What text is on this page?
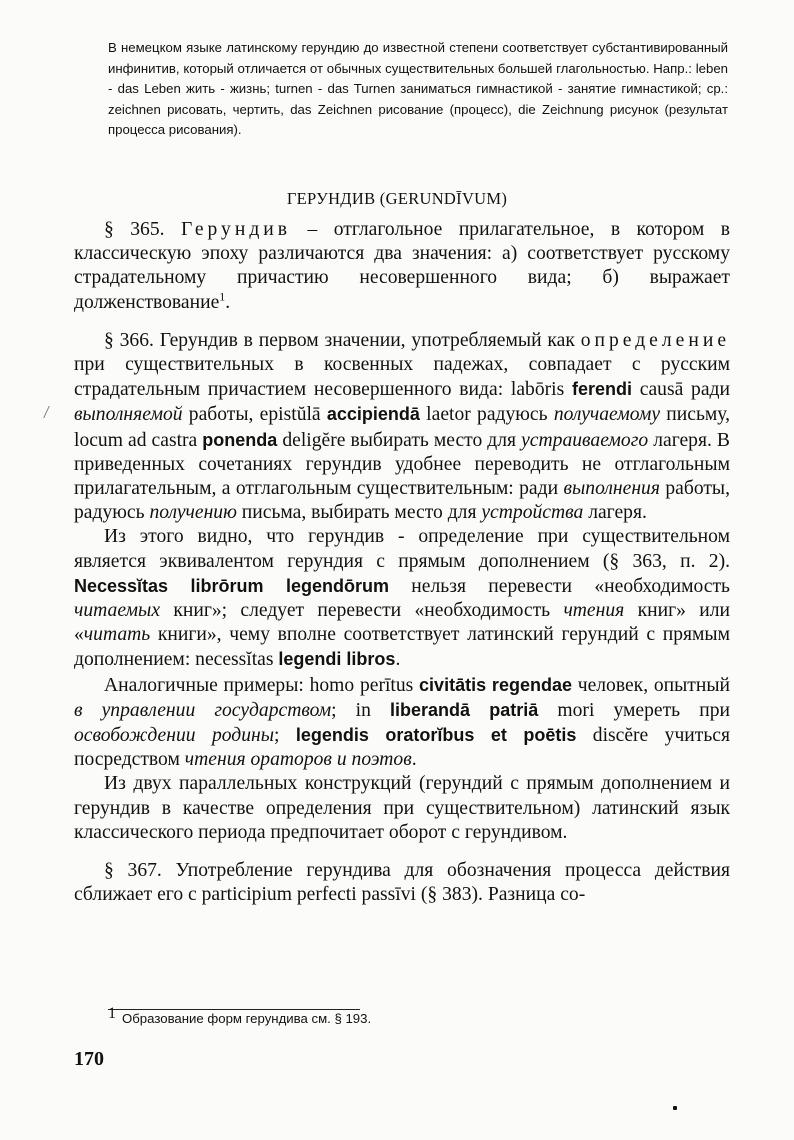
В немецком языке латинскому герундию до известной степени соответствует субстантивированный инфинитив, который отличается от обычных существительных большей глагольностью. Напр.: leben - das Leben жить - жизнь; turnen - das Turnen заниматься гимнастикой - занятие гимнастикой; ср.: zeichnen рисовать, чертить, das Zeichnen рисование (процесс), die Zeichnung рисунок (результат процесса рисования).

ГЕРУНДИВ (GERUNDĪVUM)

§ 365. Герундив – отглагольное прилагательное, в котором в классическую эпоху различаются два значения: а) соответствует русскому страдательному причастию несовершенного вида; б) выражает долженствование$^1$.

§ 366. Герундив в первом значении, употребляемый как определение при существительных в косвенных падежах, совпадает с русским страдательным причастием несовершенного вида: labōris ferendi causā ради выполняемой работы, epistŭlā accipiendā laetor радуюсь получаемому письму, locum ad castra ponenda deligĕre выбирать место для устраиваемого лагеря. В приведенных сочетаниях герундив удобнее переводить не отглагольным прилагательным, а отглагольным существительным: ради выполнения работы, радуюсь получению письма, выбирать место для устройства лагеря.

Из этого видно, что герундив - определение при существительном является эквивалентом герундия с прямым дополнением (§ 363, п. 2). Necessĭtas librōrum legendōrum нельзя перевести «необходимость читаемых книг»; следует перевести «необходимость чтения книг» или «читать книги», чему вполне соответствует латинский герундий с прямым дополнением: necessĭtas legendi libros.

Аналогичные примеры: homo perītus civitātis regendae человек, опытный в управлении государством; in liberandā patriā mori умереть при освобождении родины; legendis oratorĭbus et poētis discĕre учиться посредством чтения ораторов и поэтов.

Из двух параллельных конструкций (герундий с прямым дополнением и герундив в качестве определения при существительном) латинский язык классического периода предпочитает оборот с герундивом.

§ 367. Употребление герундива для обозначения процесса действия сближает его с participium perfecti passīvi (§ 383). Разница со-

1 Образование форм герундива см. § 193.
170
